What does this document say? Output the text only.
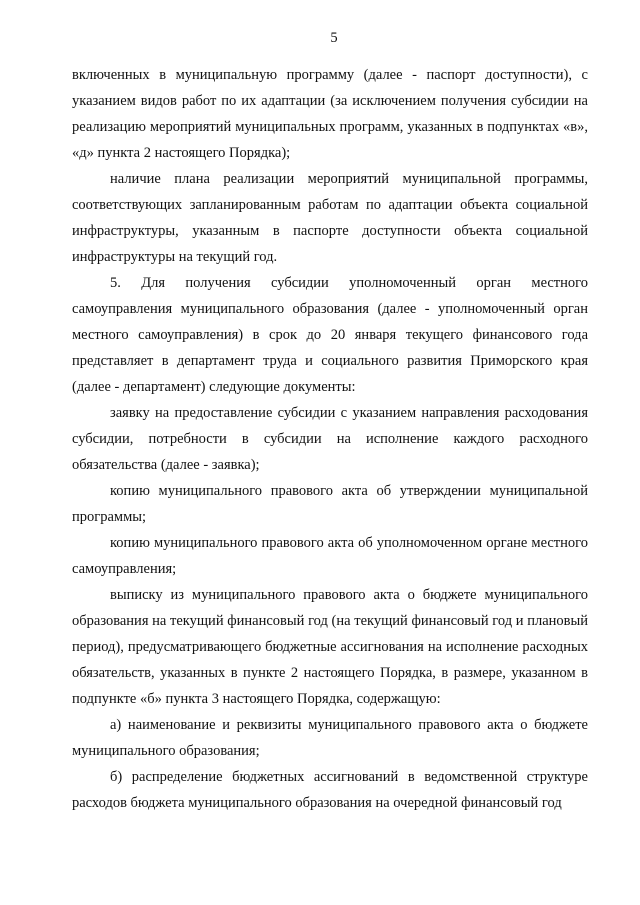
5

включенных в муниципальную программу (далее - паспорт доступности), с указанием видов работ по их адаптации (за исключением получения субсидии на реализацию мероприятий муниципальных программ, указанных в подпунктах «в», «д» пункта 2 настоящего Порядка);

наличие плана реализации мероприятий муниципальной программы, соответствующих запланированным работам по адаптации объекта социальной инфраструктуры, указанным в паспорте доступности объекта социальной инфраструктуры на текущий год.

5. Для получения субсидии уполномоченный орган местного самоуправления муниципального образования (далее - уполномоченный орган местного самоуправления) в срок до 20 января текущего финансового года представляет в департамент труда и социального развития Приморского края (далее - департамент) следующие документы:

заявку на предоставление субсидии с указанием направления расходования субсидии, потребности в субсидии на исполнение каждого расходного обязательства (далее - заявка);

копию муниципального правового акта об утверждении муниципальной программы;

копию муниципального правового акта об уполномоченном органе местного самоуправления;

выписку из муниципального правового акта о бюджете муниципального образования на текущий финансовый год (на текущий финансовый год и плановый период), предусматривающего бюджетные ассигнования на исполнение расходных обязательств, указанных в пункте 2 настоящего Порядка, в размере, указанном в подпункте «б» пункта 3 настоящего Порядка, содержащую:

а) наименование и реквизиты муниципального правового акта о бюджете муниципального образования;

б) распределение бюджетных ассигнований в ведомственной структуре расходов бюджета муниципального образования на очередной финансовый год
